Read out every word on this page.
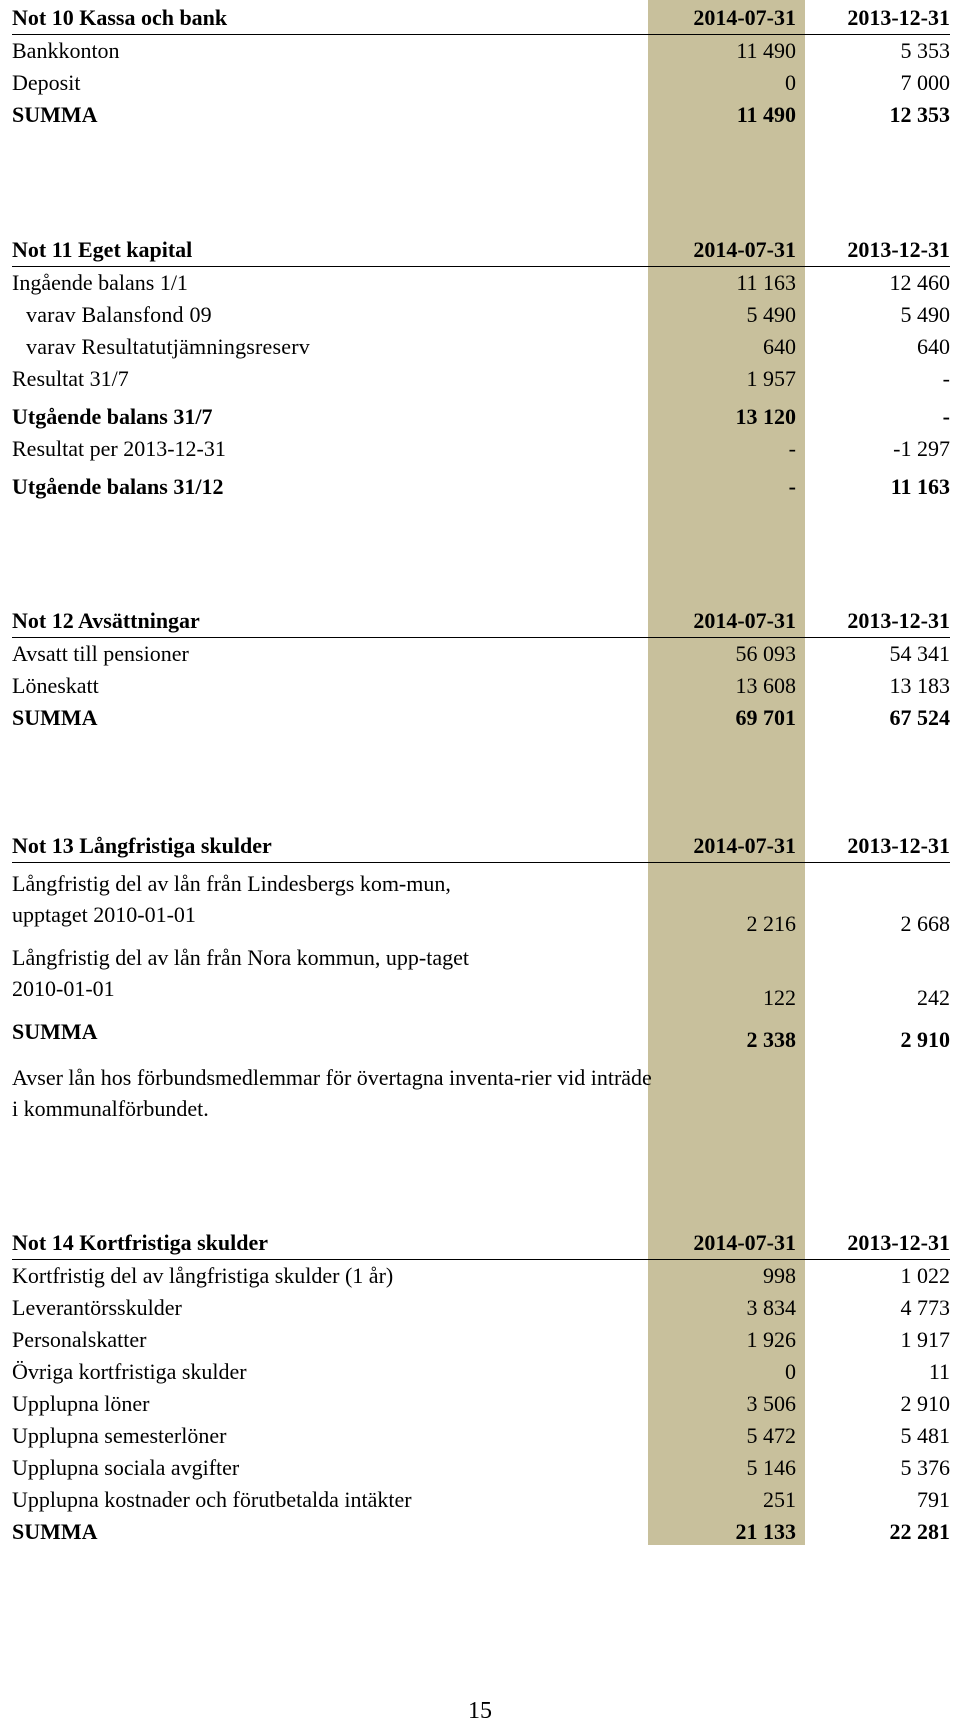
Not 10 Kassa och bank	2014-07-31 2013-12-31
Bankkonton	11 490	5 353
Deposit	0	7 000
SUMMA	11 490	12 353
Not 11 Eget kapital	2014-07-31 2013-12-31
Ingående balans 1/1	11 163	12 460
varav Balansfond 09	5 490	5 490
varav Resultatutjämningsreserv	640	640
Resultat 31/7	1 957	-
Utgående balans 31/7	13 120	-
Resultat per 2013-12-31	-	-1 297
Utgående balans 31/12	-	11 163
Not 12 Avsättningar	2014-07-31 2013-12-31
Avsatt till pensioner	56 093	54 341
Löneskatt	13 608	13 183
SUMMA	69 701	67 524
Not 13 Långfristiga skulder	2014-07-31 2013-12-31
Långfristig del av lån från Lindesbergs kom-mun, upptaget 2010-01-01	2 216	2 668
Långfristig del av lån från Nora kommun, upp-taget 2010-01-01	122	242
SUMMA	2 338	2 910
Avser lån hos förbundsmedlemmar för övertagna inventa-rier vid inträde i kommunalförbundet.
Not 14 Kortfristiga skulder	2014-07-31 2013-12-31
Kortfristig del av långfristiga skulder (1 år)	998	1 022
Leverantörsskulder	3 834	4 773
Personalskatter	1 926	1 917
Övriga kortfristiga skulder	0	11
Upplupna löner	3 506	2 910
Upplupna semesterlöner	5 472	5 481
Upplupna sociala avgifter	5 146	5 376
Upplupna kostnader och förutbetalda intäkter	251	791
SUMMA	21 133	22 281
15
